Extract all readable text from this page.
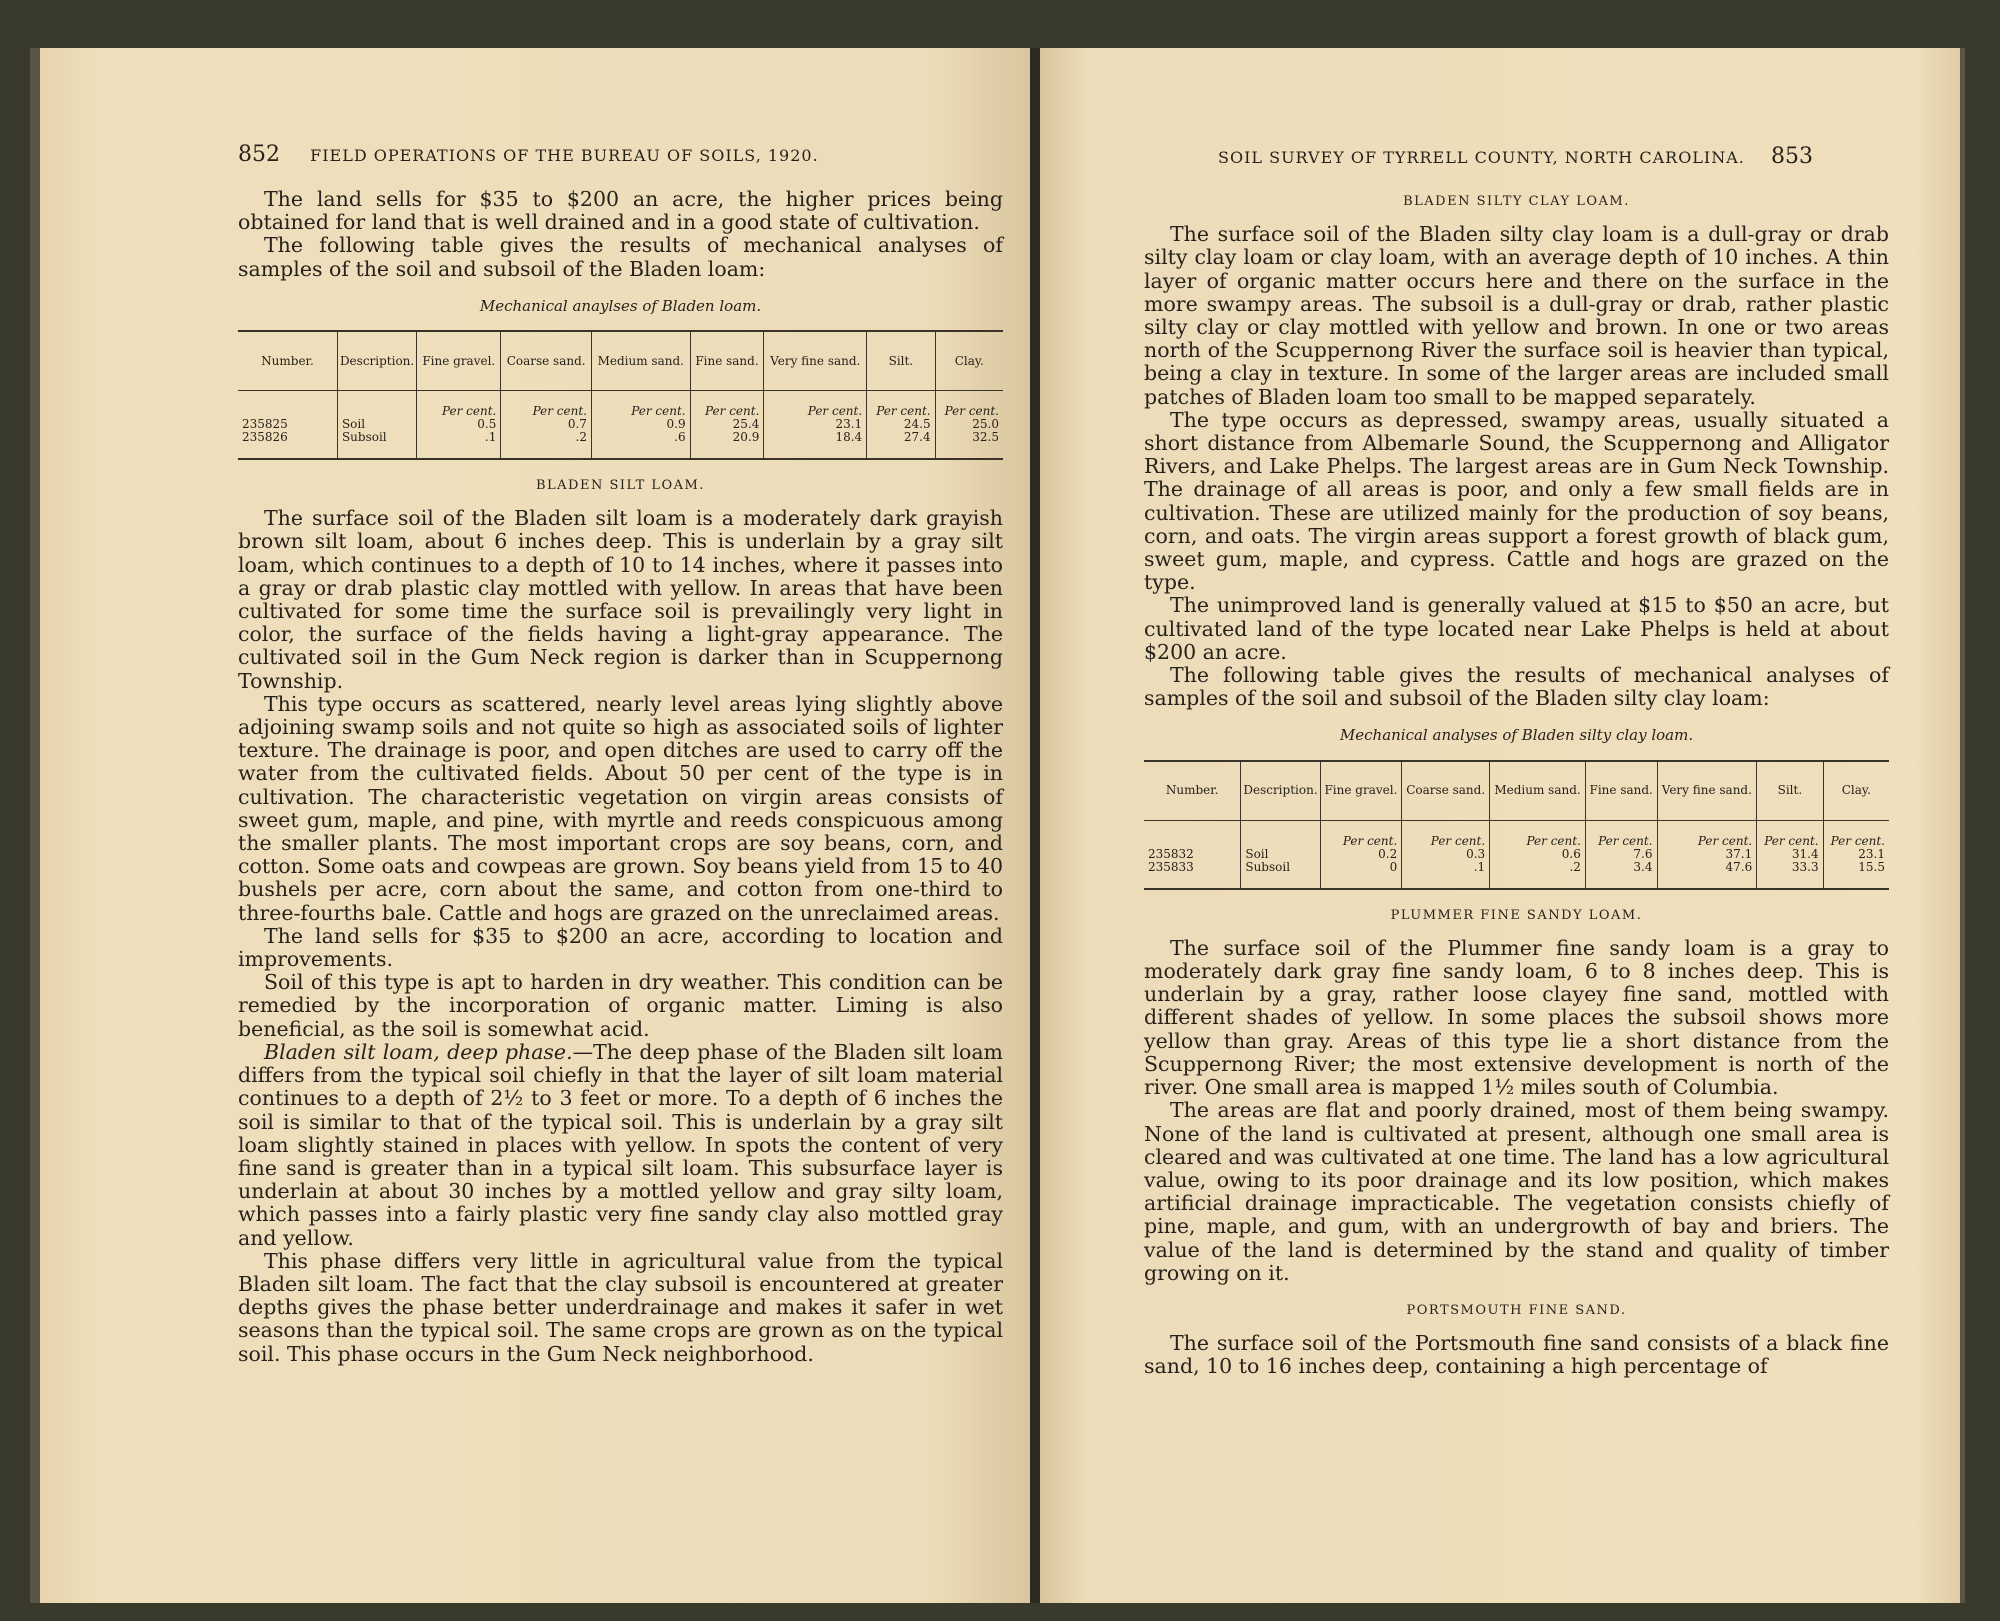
852 FIELD OPERATIONS OF THE BUREAU OF SOILS, 1920.

The land sells for $35 to $200 an acre, the higher prices being obtained for land that is well drained and in a good state of cultivation.

The following table gives the results of mechanical analyses of samples of the soil and subsoil of the Bladen loam:

Mechanical anaylses of Bladen loam.
Number.	Description.	Fine gravel.	Coarse sand.	Medium sand.	Fine sand.	Very fine sand.	Silt.	Clay.
		Per cent.	Per cent.	Per cent.	Per cent.	Per cent.	Per cent.	Per cent.
235825	Soil	0.5	0.7	0.9	25.4	23.1	24.5	25.0
235826	Subsoil	.1	.2	.6	20.9	18.4	27.4	32.5
BLADEN SILT LOAM.

The surface soil of the Bladen silt loam is a moderately dark grayish brown silt loam, about 6 inches deep. This is underlain by a gray silt loam, which continues to a depth of 10 to 14 inches, where it passes into a gray or drab plastic clay mottled with yellow. In areas that have been cultivated for some time the surface soil is prevailingly very light in color, the surface of the fields having a light-gray appearance. The cultivated soil in the Gum Neck region is darker than in Scuppernong Township.

This type occurs as scattered, nearly level areas lying slightly above adjoining swamp soils and not quite so high as associated soils of lighter texture. The drainage is poor, and open ditches are used to carry off the water from the cultivated fields. About 50 per cent of the type is in cultivation. The characteristic vegetation on virgin areas consists of sweet gum, maple, and pine, with myrtle and reeds conspicuous among the smaller plants. The most important crops are soy beans, corn, and cotton. Some oats and cowpeas are grown. Soy beans yield from 15 to 40 bushels per acre, corn about the same, and cotton from one-third to three-fourths bale. Cattle and hogs are grazed on the unreclaimed areas.

The land sells for $35 to $200 an acre, according to location and improvements.

Soil of this type is apt to harden in dry weather. This condition can be remedied by the incorporation of organic matter. Liming is also beneficial, as the soil is somewhat acid.

Bladen silt loam, deep phase.—The deep phase of the Bladen silt loam differs from the typical soil chiefly in that the layer of silt loam material continues to a depth of 2½ to 3 feet or more. To a depth of 6 inches the soil is similar to that of the typical soil. This is underlain by a gray silt loam slightly stained in places with yellow. In spots the content of very fine sand is greater than in a typical silt loam. This subsurface layer is underlain at about 30 inches by a mottled yellow and gray silty loam, which passes into a fairly plastic very fine sandy clay also mottled gray and yellow.

This phase differs very little in agricultural value from the typical Bladen silt loam. The fact that the clay subsoil is encountered at greater depths gives the phase better underdrainage and makes it safer in wet seasons than the typical soil. The same crops are grown as on the typical soil. This phase occurs in the Gum Neck neighborhood.

SOIL SURVEY OF TYRRELL COUNTY, NORTH CAROLINA. 853
BLADEN SILTY CLAY LOAM.

The surface soil of the Bladen silty clay loam is a dull-gray or drab silty clay loam or clay loam, with an average depth of 10 inches. A thin layer of organic matter occurs here and there on the surface in the more swampy areas. The subsoil is a dull-gray or drab, rather plastic silty clay or clay mottled with yellow and brown. In one or two areas north of the Scuppernong River the surface soil is heavier than typical, being a clay in texture. In some of the larger areas are included small patches of Bladen loam too small to be mapped separately.

The type occurs as depressed, swampy areas, usually situated a short distance from Albemarle Sound, the Scuppernong and Alligator Rivers, and Lake Phelps. The largest areas are in Gum Neck Township. The drainage of all areas is poor, and only a few small fields are in cultivation. These are utilized mainly for the production of soy beans, corn, and oats. The virgin areas support a forest growth of black gum, sweet gum, maple, and cypress. Cattle and hogs are grazed on the type.

The unimproved land is generally valued at $15 to $50 an acre, but cultivated land of the type located near Lake Phelps is held at about $200 an acre.

The following table gives the results of mechanical analyses of samples of the soil and subsoil of the Bladen silty clay loam:

Mechanical analyses of Bladen silty clay loam.
Number.	Description.	Fine gravel.	Coarse sand.	Medium sand.	Fine sand.	Very fine sand.	Silt.	Clay.
		Per cent.	Per cent.	Per cent.	Per cent.	Per cent.	Per cent.	Per cent.
235832	Soil	0.2	0.3	0.6	7.6	37.1	31.4	23.1
235833	Subsoil	0	.1	.2	3.4	47.6	33.3	15.5
PLUMMER FINE SANDY LOAM.

The surface soil of the Plummer fine sandy loam is a gray to moderately dark gray fine sandy loam, 6 to 8 inches deep. This is underlain by a gray, rather loose clayey fine sand, mottled with different shades of yellow. In some places the subsoil shows more yellow than gray. Areas of this type lie a short distance from the Scuppernong River; the most extensive development is north of the river. One small area is mapped 1½ miles south of Columbia.

The areas are flat and poorly drained, most of them being swampy. None of the land is cultivated at present, although one small area is cleared and was cultivated at one time. The land has a low agricultural value, owing to its poor drainage and its low position, which makes artificial drainage impracticable. The vegetation consists chiefly of pine, maple, and gum, with an undergrowth of bay and briers. The value of the land is determined by the stand and quality of timber growing on it.

PORTSMOUTH FINE SAND.

The surface soil of the Portsmouth fine sand consists of a black fine sand, 10 to 16 inches deep, containing a high percentage of
